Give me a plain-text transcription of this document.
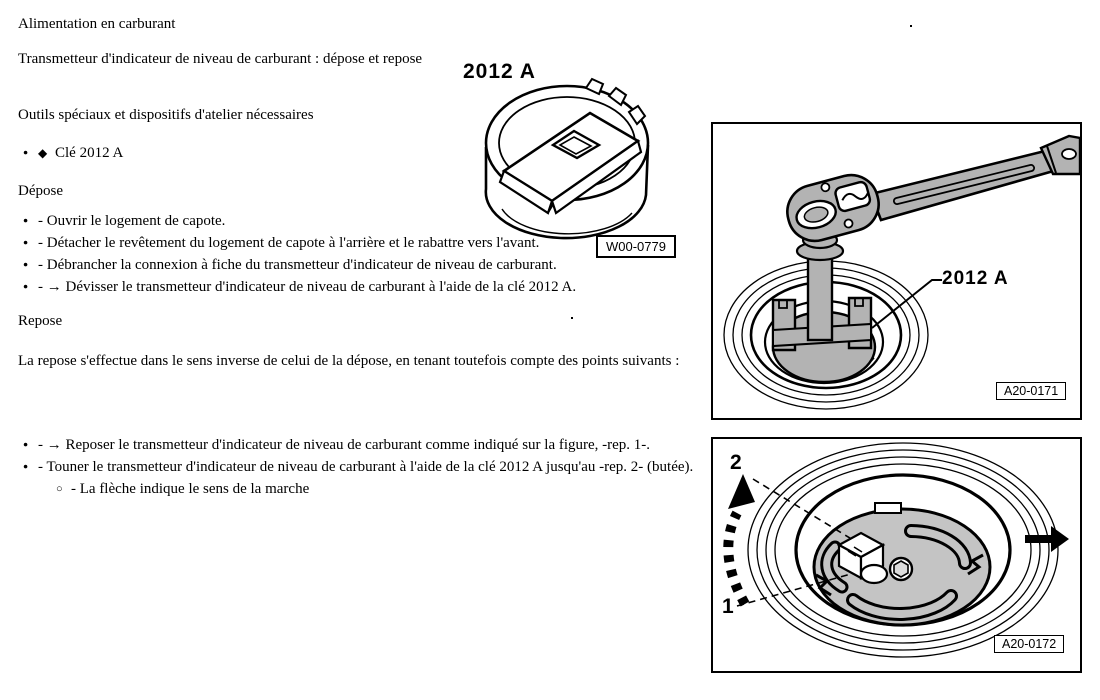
Alimentation en carburant
Transmetteur d'indicateur de niveau de carburant : dépose et repose
Outils spéciaux et dispositifs d'atelier nécessaires
● ◆ Clé 2012 A
Dépose
● - Ouvrir le logement de capote.
● - Détacher le revêtement du logement de capote à l'arrière et le rabattre vers l'avant.
● - Débrancher la connexion à fiche du transmetteur d'indicateur de niveau de carburant.
● - → Dévisser le transmetteur d'indicateur de niveau de carburant à l'aide de la clé 2012 A.
Repose
La repose s'effectue dans le sens inverse de celui de la dépose, en tenant toutefois compte des points suivants :
● - → Reposer le transmetteur d'indicateur de niveau de carburant comme indiqué sur la figure, -rep. 1-.
● - Touner le transmetteur d'indicateur de niveau de carburant à l'aide de la clé 2012 A jusqu'au -rep. 2- (butée).
○ - La flèche indique le sens de la marche
2012 A
W00-0779
2012 A
A20-0171
2
1
A20-0172
